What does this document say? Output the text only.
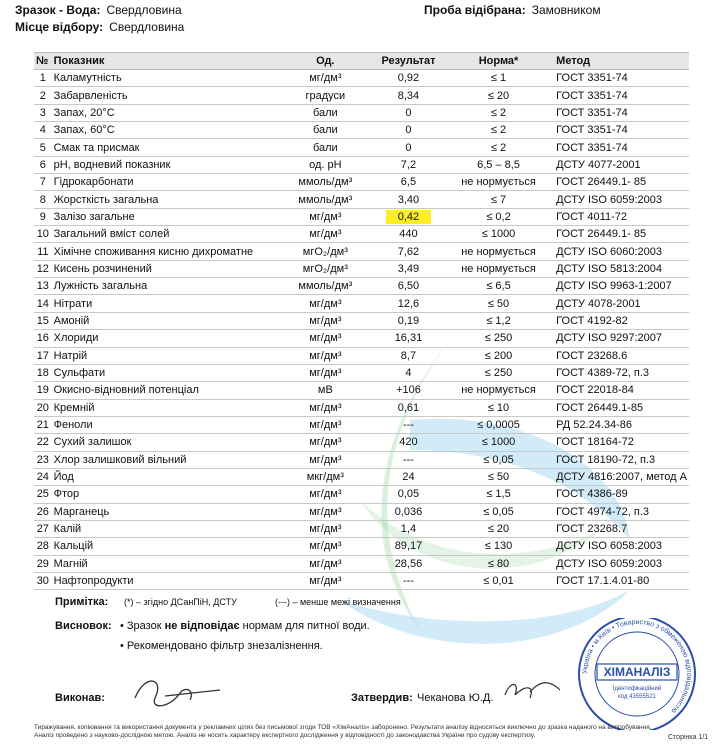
Зразок - Вода: Свердловина
Місце відбору: Свердловина
Проба відібрана: Замовником
№	Показник	Од.	Результат	Норма*	Метод
1	Каламутність	мг/дм³	0,92	≤ 1	ГОСТ 3351-74
2	Забарвленість	градуси	8,34	≤ 20	ГОСТ 3351-74
3	Запах, 20°С	бали	0	≤ 2	ГОСТ 3351-74
4	Запах, 60°С	бали	0	≤ 2	ГОСТ 3351-74
5	Смак та присмак	бали	0	≤ 2	ГОСТ 3351-74
6	рН, водневий показник	од. рН	7,2	6,5 – 8,5	ДСТУ 4077-2001
7	Гідрокарбонати	ммоль/дм³	6,5	не нормується	ГОСТ 26449.1- 85
8	Жорсткість загальна	ммоль/дм³	3,40	≤ 7	ДСТУ ISO 6059:2003
9	Залізо загальне	мг/дм³	0,42	≤ 0,2	ГОСТ 4011-72
10	Загальний вміст солей	мг/дм³	440	≤ 1000	ГОСТ 26449.1- 85
11	Хімічне споживання кисню дихроматне	мгО₂/дм³	7,62	не нормується	ДСТУ ISO 6060:2003
12	Кисень розчинений	мгО₂/дм³	3,49	не нормується	ДСТУ ISO 5813:2004
13	Лужність загальна	ммоль/дм³	6,50	≤ 6,5	ДСТУ ISO 9963-1:2007
14	Нітрати	мг/дм³	12,6	≤ 50	ДСТУ 4078-2001
15	Амоній	мг/дм³	0,19	≤ 1,2	ГОСТ 4192-82
16	Хлориди	мг/дм³	16,31	≤ 250	ДСТУ ISO 9297:2007
17	Натрій	мг/дм³	8,7	≤ 200	ГОСТ 23268.6
18	Сульфати	мг/дм³	4	≤ 250	ГОСТ 4389-72, п.3
19	Окисно-відновний потенціал	мВ	+106	не нормується	ГОСТ 22018-84
20	Кремній	мг/дм³	0,61	≤ 10	ГОСТ 26449.1-85
21	Феноли	мг/дм³	---	≤ 0,0005	РД 52.24.34-86
22	Сухий залишок	мг/дм³	420	≤ 1000	ГОСТ 18164-72
23	Хлор залишковий вільний	мг/дм³	---	≤ 0,05	ГОСТ 18190-72, п.3
24	Йод	мкг/дм³	24	≤ 50	ДСТУ 4816:2007, метод А
25	Фтор	мг/дм³	0,05	≤ 1,5	ГОСТ 4386-89
26	Марганець	мг/дм³	0,036	≤ 0,05	ГОСТ 4974-72, п.3
27	Калій	мг/дм³	1,4	≤ 20	ГОСТ 23268.7
28	Кальцій	мг/дм³	89,17	≤ 130	ДСТУ ISO 6058:2003
29	Магній	мг/дм³	28,56	≤ 80	ДСТУ ISO 6059:2003
30	Нафтопродукти	мг/дм³	---	≤ 0,01	ГОСТ 17.1.4.01-80
Примітка: (*) – згідно ДСанПіН, ДСТУ	(---) – менше межі визначення
Висновок: • Зразок не відповідає нормам для питної води.
• Рекомендовано фільтр знезалізнення.
Виконав:	Затвердив: Чеканова Ю.Д.
Україна • м.Київ • Товариство з обмеженою відповідальністю
ХІМАНАЛІЗ
Ідентифікаційний
код 43555521
Тиражування, копіювання та використання документа у рекламних цілях без письмової згоди ТОВ «ХімАналіз» заборонено. Результати аналізу відносяться виключно до зразка наданого на випробування. Аналіз проведено з науково-дослідною метою. Аналіз не носить характеру експертного дослідження у відповідності до законодавства України про судову експертизу.	Сторінка 1/1
